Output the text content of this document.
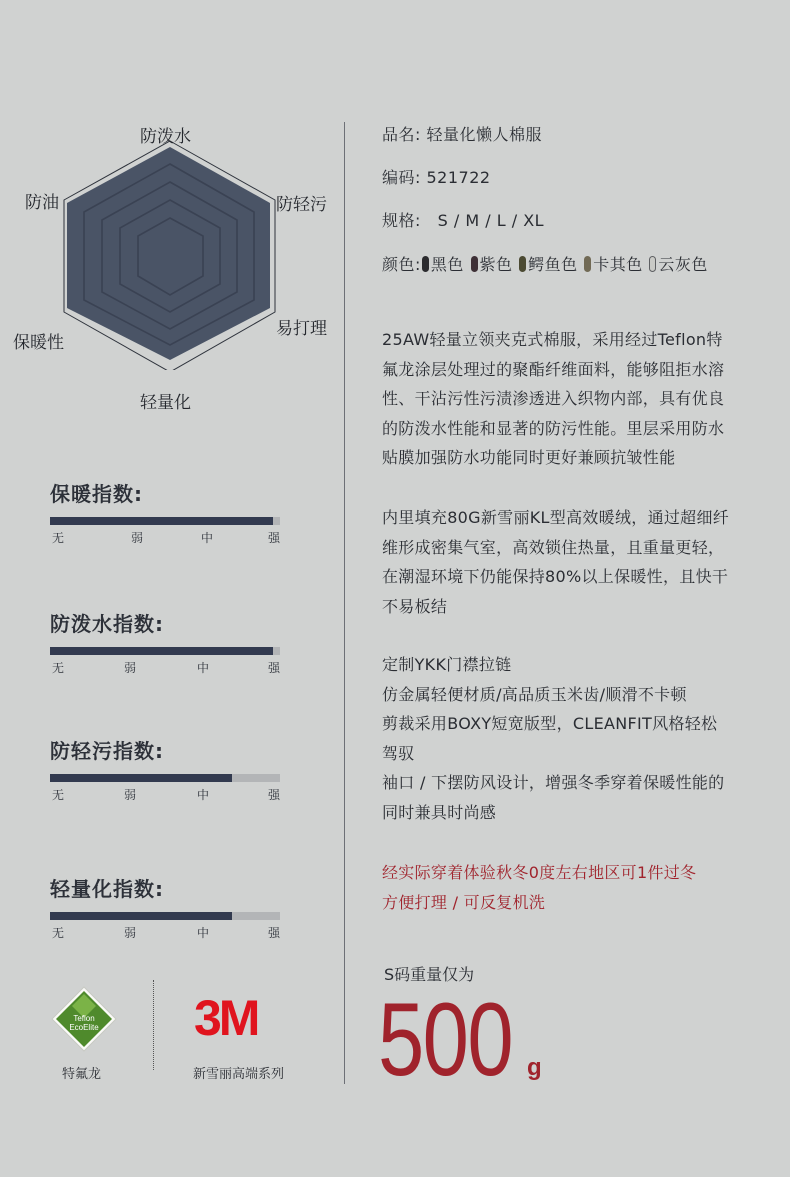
防泼水
防油	防轻污
易打理
保暖性
轻量化
保暖指数:
无	弱	中	强
防泼水指数:
无	弱	中	强
防轻污指数:
无	弱	中	强
轻量化指数:
无	弱	中	强
Teflon
EcoElite
特氟龙
3M
新雪丽高端系列
品名: 轻量化懒人棉服
编码: 521722
规格:   S / M / L / XL
颜色: 黑色 紫色 鳄鱼色 卡其色 云灰色
25AW轻量立领夹克式棉服，采用经过Teflon特
氟龙涂层处理过的聚酯纤维面料，能够阻拒水溶
性、干沾污性污渍渗透进入织物内部，具有优良
的防泼水性能和显著的防污性能。里层采用防水
贴膜加强防水功能同时更好兼顾抗皱性能
内里填充80G新雪丽KL型高效暖绒，通过超细纤
维形成密集气室，高效锁住热量，且重量更轻，
在潮湿环境下仍能保持80%以上保暖性，且快干
不易板结
定制YKK门襟拉链
仿金属轻便材质/高品质玉米齿/顺滑不卡顿
剪裁采用BOXY短宽版型，CLEANFIT风格轻松
驾驭
袖口 / 下摆防风设计，增强冬季穿着保暖性能的
同时兼具时尚感
经实际穿着体验秋冬0度左右地区可1件过冬
方便打理 / 可反复机洗
S码重量仅为
500 g
